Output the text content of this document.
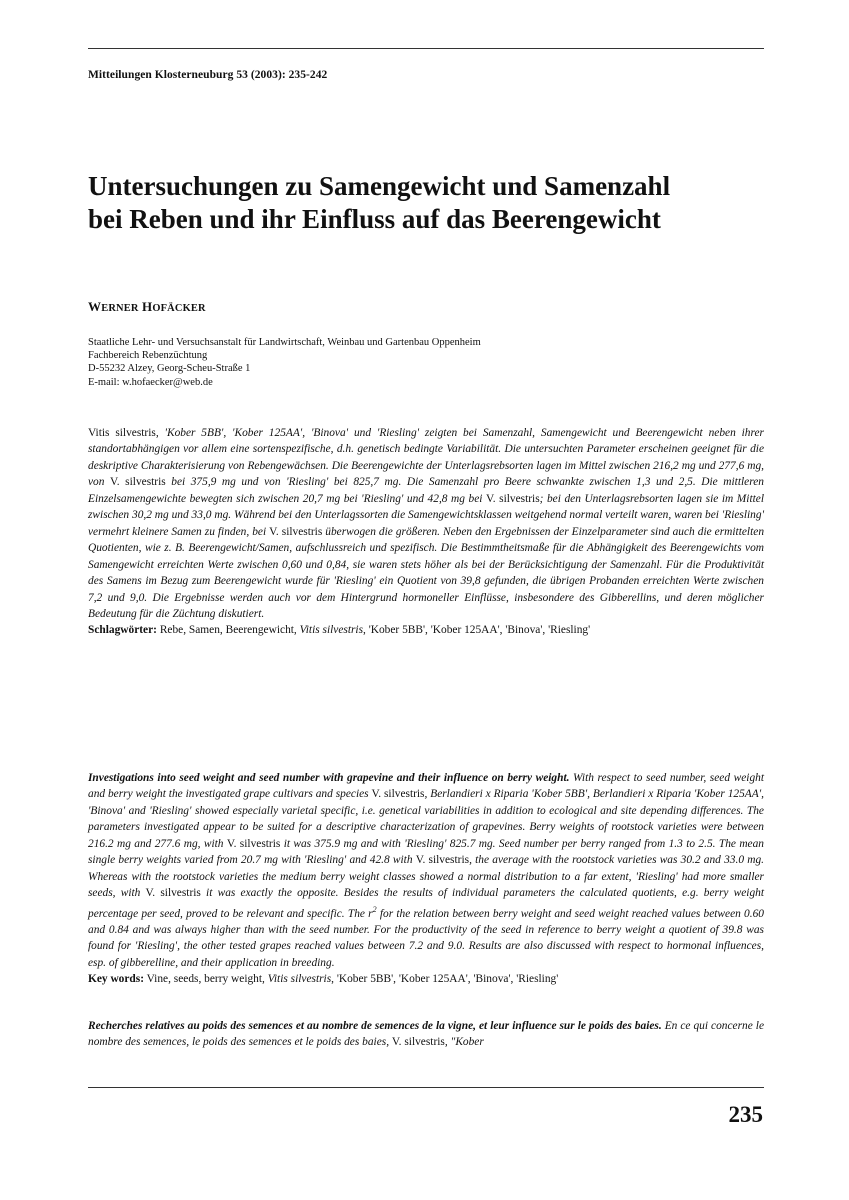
Mitteilungen Klosterneuburg 53 (2003): 235-242
Untersuchungen zu Samengewicht und Samenzahl
bei Reben und ihr Einfluss auf das Beerengewicht
WERNER HOFÄCKER
Staatliche Lehr- und Versuchsanstalt für Landwirtschaft, Weinbau und Gartenbau Oppenheim
Fachbereich Rebenzüchtung
D-55232 Alzey, Georg-Scheu-Straße 1
E-mail: w.hofaecker@web.de

Vitis silvestris, 'Kober 5BB', 'Kober 125AA', 'Binova' und 'Riesling' zeigten bei Samenzahl, Samengewicht und Beerengewicht neben ihrer standortabhängigen vor allem eine sortenspezifische, d.h. genetisch bedingte Variabilität. Die untersuchten Parameter erscheinen geeignet für die deskriptive Charakterisierung von Rebengewächsen. Die Beerengewichte der Unterlagsrebsorten lagen im Mittel zwischen 216,2 mg und 277,6 mg, von V. silvestris bei 375,9 mg und von 'Riesling' bei 825,7 mg. Die Samenzahl pro Beere schwankte zwischen 1,3 und 2,5. Die mittleren Einzelsamengewichte bewegten sich zwischen 20,7 mg bei 'Riesling' und 42,8 mg bei V. silvestris; bei den Unterlagsrebsorten lagen sie im Mittel zwischen 30,2 mg und 33,0 mg. Während bei den Unterlagssorten die Samengewichtsklassen weitgehend normal verteilt waren, waren bei 'Riesling' vermehrt kleinere Samen zu finden, bei V. silvestris überwogen die größeren. Neben den Ergebnissen der Einzelparameter sind auch die ermittelten Quotienten, wie z. B. Beerengewicht/Samen, aufschlussreich und spezifisch. Die Bestimmtheitsmaße für die Abhängigkeit des Beerengewichts vom Samengewicht erreichten Werte zwischen 0,60 und 0,84, sie waren stets höher als bei der Berücksichtigung der Samenzahl. Für die Produktivität des Samens im Bezug zum Beerengewicht wurde für 'Riesling' ein Quotient von 39,8 gefunden, die übrigen Probanden erreichten Werte zwischen 7,2 und 9,0. Die Ergebnisse werden auch vor dem Hintergrund hormoneller Einflüsse, insbesondere des Gibberellins, und deren möglicher Bedeutung für die Züchtung diskutiert.

Schlagwörter: Rebe, Samen, Beerengewicht, Vitis silvestris, 'Kober 5BB', 'Kober 125AA', 'Binova', 'Riesling'

Investigations into seed weight and seed number with grapevine and their influence on berry weight. With respect to seed number, seed weight and berry weight the investigated grape cultivars and species V. silvestris, Berlandieri x Riparia 'Kober 5BB', Berlandieri x Riparia 'Kober 125AA', 'Binova' and 'Riesling' showed especially varietal specific, i.e. genetical variabilities in addition to ecological and site depending differences. The parameters investigated appear to be suited for a descriptive characterization of grapevines. Berry weights of rootstock varieties were between 216.2 mg and 277.6 mg, with V. silvestris it was 375.9 mg and with 'Riesling' 825.7 mg. Seed number per berry ranged from 1.3 to 2.5. The mean single berry weights varied from 20.7 mg with 'Riesling' and 42.8 with V. silvestris, the average with the rootstock varieties was 30.2 and 33.0 mg. Whereas with the rootstock varieties the medium berry weight classes showed a normal distribution to a far extent, 'Riesling' had more smaller seeds, with V. silvestris it was exactly the opposite. Besides the results of individual parameters the calculated quotients, e.g. berry weight percentage per seed, proved to be relevant and specific. The $r^2$ for the relation between berry weight and seed weight reached values between 0.60 and 0.84 and was always higher than with the seed number. For the productivity of the seed in reference to berry weight a quotient of 39.8 was found for 'Riesling', the other tested grapes reached values between 7.2 and 9.0. Results are also discussed with respect to hormonal influences, esp. of gibberelline, and their application in breeding.

Key words: Vine, seeds, berry weight, Vitis silvestris, 'Kober 5BB', 'Kober 125AA', 'Binova', 'Riesling'

Recherches relatives au poids des semences et au nombre de semences de la vigne, et leur influence sur le poids des baies. En ce qui concerne le nombre des semences, le poids des semences et le poids des baies, V. silvestris, "Kober

235
